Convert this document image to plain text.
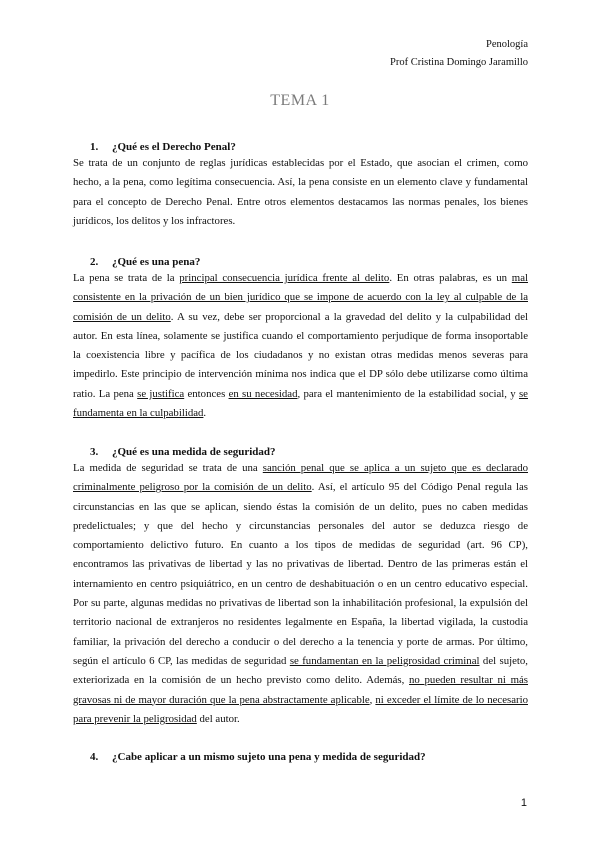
Penología
Prof Cristina Domingo Jaramillo
TEMA 1
1. ¿Qué es el Derecho Penal?
Se trata de un conjunto de reglas jurídicas establecidas por el Estado, que asocian el crimen, como hecho, a la pena, como legítima consecuencia. Así, la pena consiste en un elemento clave y fundamental para el concepto de Derecho Penal. Entre otros elementos destacamos las normas penales, los bienes jurídicos, los delitos y los infractores.
2. ¿Qué es una pena?
La pena se trata de la principal consecuencia jurídica frente al delito. En otras palabras, es un mal consistente en la privación de un bien jurídico que se impone de acuerdo con la ley al culpable de la comisión de un delito. A su vez, debe ser proporcional a la gravedad del delito y la culpabilidad del autor. En esta línea, solamente se justifica cuando el comportamiento perjudique de forma insoportable la coexistencia libre y pacífica de los ciudadanos y no existan otras medidas menos severas para impedirlo. Este principio de intervención mínima nos indica que el DP sólo debe utilizarse como última ratio. La pena se justifica entonces en su necesidad, para el mantenimiento de la estabilidad social, y se fundamenta en la culpabilidad.
3. ¿Qué es una medida de seguridad?
La medida de seguridad se trata de una sanción penal que se aplica a un sujeto que es declarado criminalmente peligroso por la comisión de un delito. Así, el artículo 95 del Código Penal regula las circunstancias en las que se aplican, siendo éstas la comisión de un delito, pues no caben medidas predelictuales; y que del hecho y circunstancias personales del autor se deduzca riesgo de comportamiento delictivo futuro. En cuanto a los tipos de medidas de seguridad (art. 96 CP), encontramos las privativas de libertad y las no privativas de libertad. Dentro de las primeras están el internamiento en centro psiquiátrico, en un centro de deshabituación o en un centro educativo especial. Por su parte, algunas medidas no privativas de libertad son la inhabilitación profesional, la expulsión del territorio nacional de extranjeros no residentes legalmente en España, la libertad vigilada, la custodia familiar, la privación del derecho a conducir o del derecho a la tenencia y porte de armas. Por último, según el artículo 6 CP, las medidas de seguridad se fundamentan en la peligrosidad criminal del sujeto, exteriorizada en la comisión de un hecho previsto como delito. Además, no pueden resultar ni más gravosas ni de mayor duración que la pena abstractamente aplicable, ni exceder el límite de lo necesario para prevenir la peligrosidad del autor.
4. ¿Cabe aplicar a un mismo sujeto una pena y medida de seguridad?
1
